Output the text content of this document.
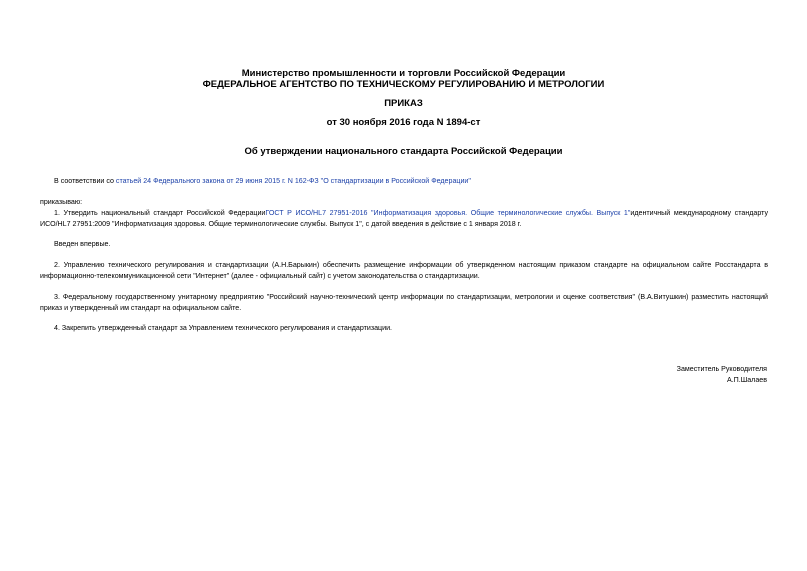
Министерство промышленности и торговли Российской Федерации
ФЕДЕРАЛЬНОЕ АГЕНТСТВО ПО ТЕХНИЧЕСКОМУ РЕГУЛИРОВАНИЮ И МЕТРОЛОГИИ
ПРИКАЗ
от 30 ноября 2016 года N 1894-ст
Об утверждении национального стандарта Российской Федерации
В соответствии со статьей 24 Федерального закона от 29 июня 2015 г. N 162-ФЗ "О стандартизации в Российской Федерации"
приказываю:
1. Утвердить национальный стандарт Российской ФедерацииГОСТ Р ИСО/HL7 27951-2016 "Информатизация здоровья. Общие терминологические службы. Выпуск 1"идентичный международному стандарту ИСО/HL7 27951:2009 "Информатизация здоровья. Общие терминологические службы. Выпуск 1", с датой введения в действие с 1 января 2018 г.
Введен впервые.
2. Управлению технического регулирования и стандартизации (А.Н.Барыкин) обеспечить размещение информации об утвержденном настоящим приказом стандарте на официальном сайте Росстандарта в информационно-телекоммуникационной сети "Интернет" (далее - официальный сайт) с учетом законодательства о стандартизации.
3. Федеральному государственному унитарному предприятию "Российский научно-технический центр информации по стандартизации, метрологии и оценке соответствия" (В.А.Витушкин) разместить настоящий приказ и утвержденный им стандарт на официальном сайте.
4. Закрепить утвержденный стандарт за Управлением технического регулирования и стандартизации.
Заместитель Руководителя
А.П.Шалаев
